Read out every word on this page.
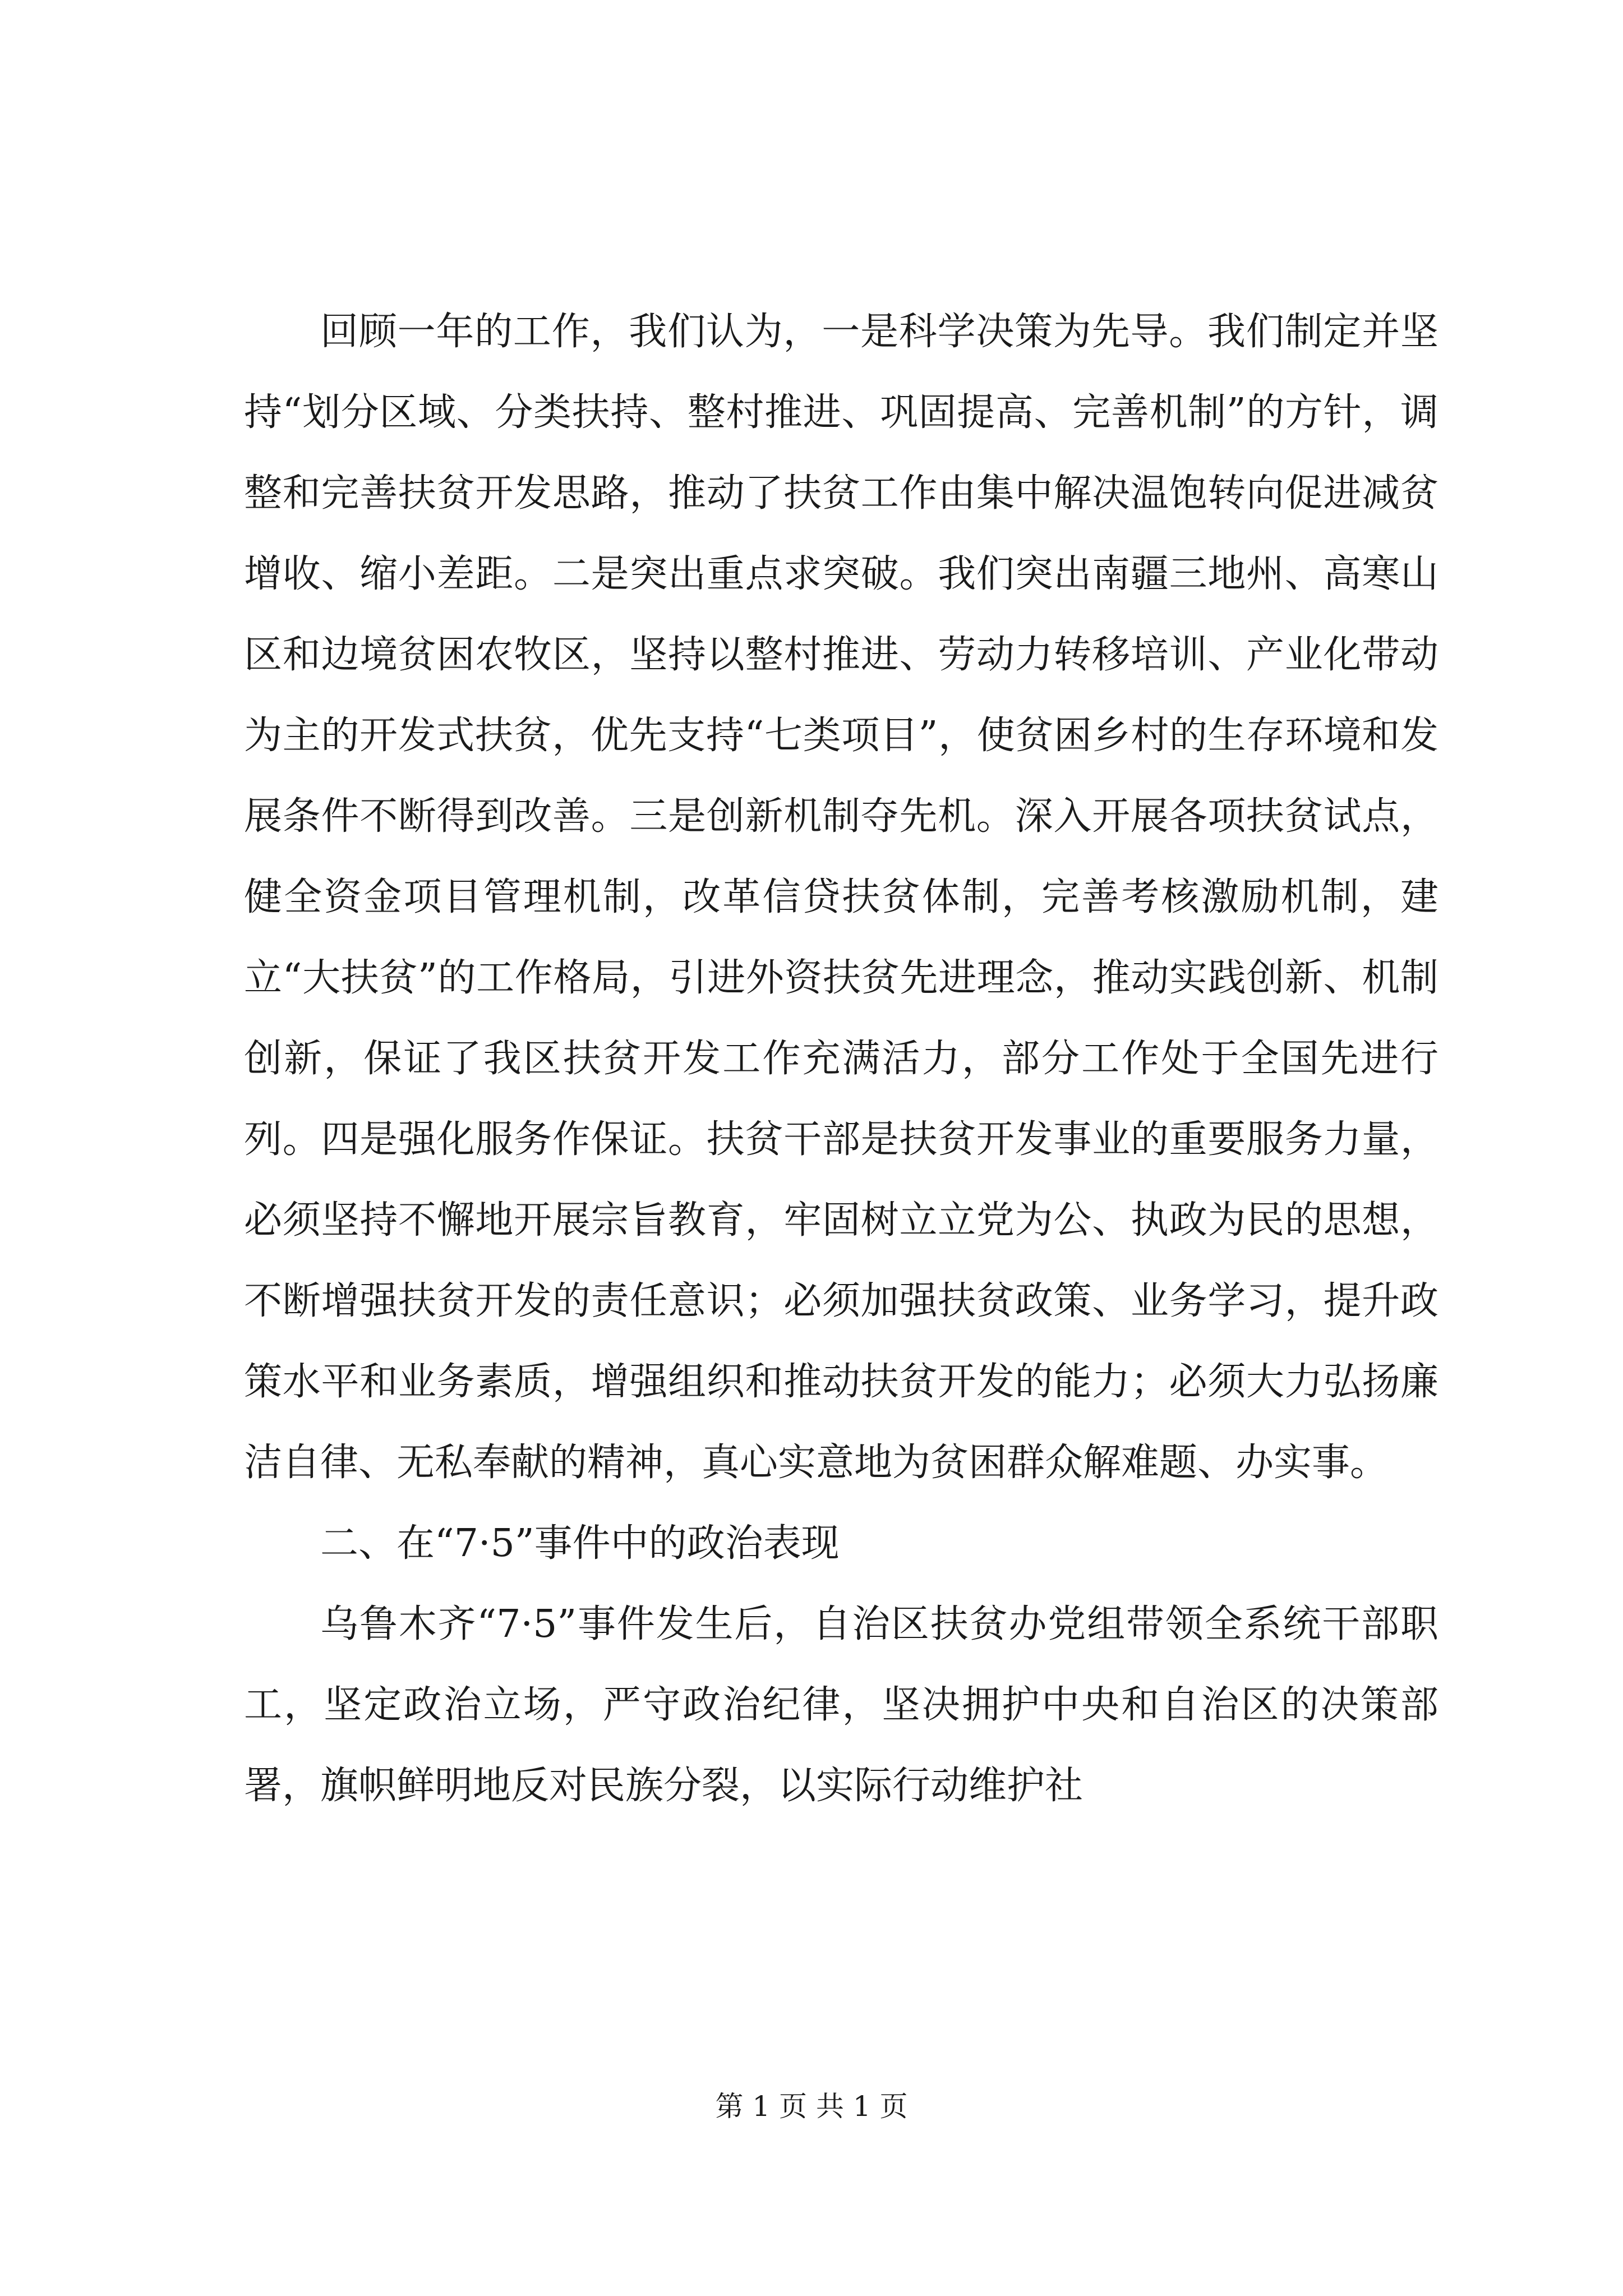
回顾一年的工作，我们认为，一是科学决策为先导。我们制定并坚持“划分区域、分类扶持、整村推进、巩固提高、完善机制”的方针，调整和完善扶贫开发思路，推动了扶贫工作由集中解决温饱转向促进减贫增收、缩小差距。二是突出重点求突破。我们突出南疆三地州、高寒山区和边境贫困农牧区，坚持以整村推进、劳动力转移培训、产业化带动为主的开发式扶贫，优先支持“七类项目”，使贫困乡村的生存环境和发展条件不断得到改善。三是创新机制夺先机。深入开展各项扶贫试点，健全资金项目管理机制，改革信贷扶贫体制，完善考核激励机制，建立“大扶贫”的工作格局，引进外资扶贫先进理念，推动实践创新、机制创新，保证了我区扶贫开发工作充满活力，部分工作处于全国先进行列。四是强化服务作保证。扶贫干部是扶贫开发事业的重要服务力量，必须坚持不懈地开展宗旨教育，牢固树立立党为公、执政为民的思想，不断增强扶贫开发的责任意识；必须加强扶贫政策、业务学习，提升政策水平和业务素质，增强组织和推动扶贫开发的能力；必须大力弘扬廉洁自律、无私奉献的精神，真心实意地为贫困群众解难题、办实事。

二、在“7·5”事件中的政治表现

乌鲁木齐“7·5”事件发生后，自治区扶贫办党组带领全系统干部职工，坚定政治立场，严守政治纪律，坚决拥护中央和自治区的决策部署，旗帜鲜明地反对民族分裂，以实际行动维护社

第 1 页 共 1 页
